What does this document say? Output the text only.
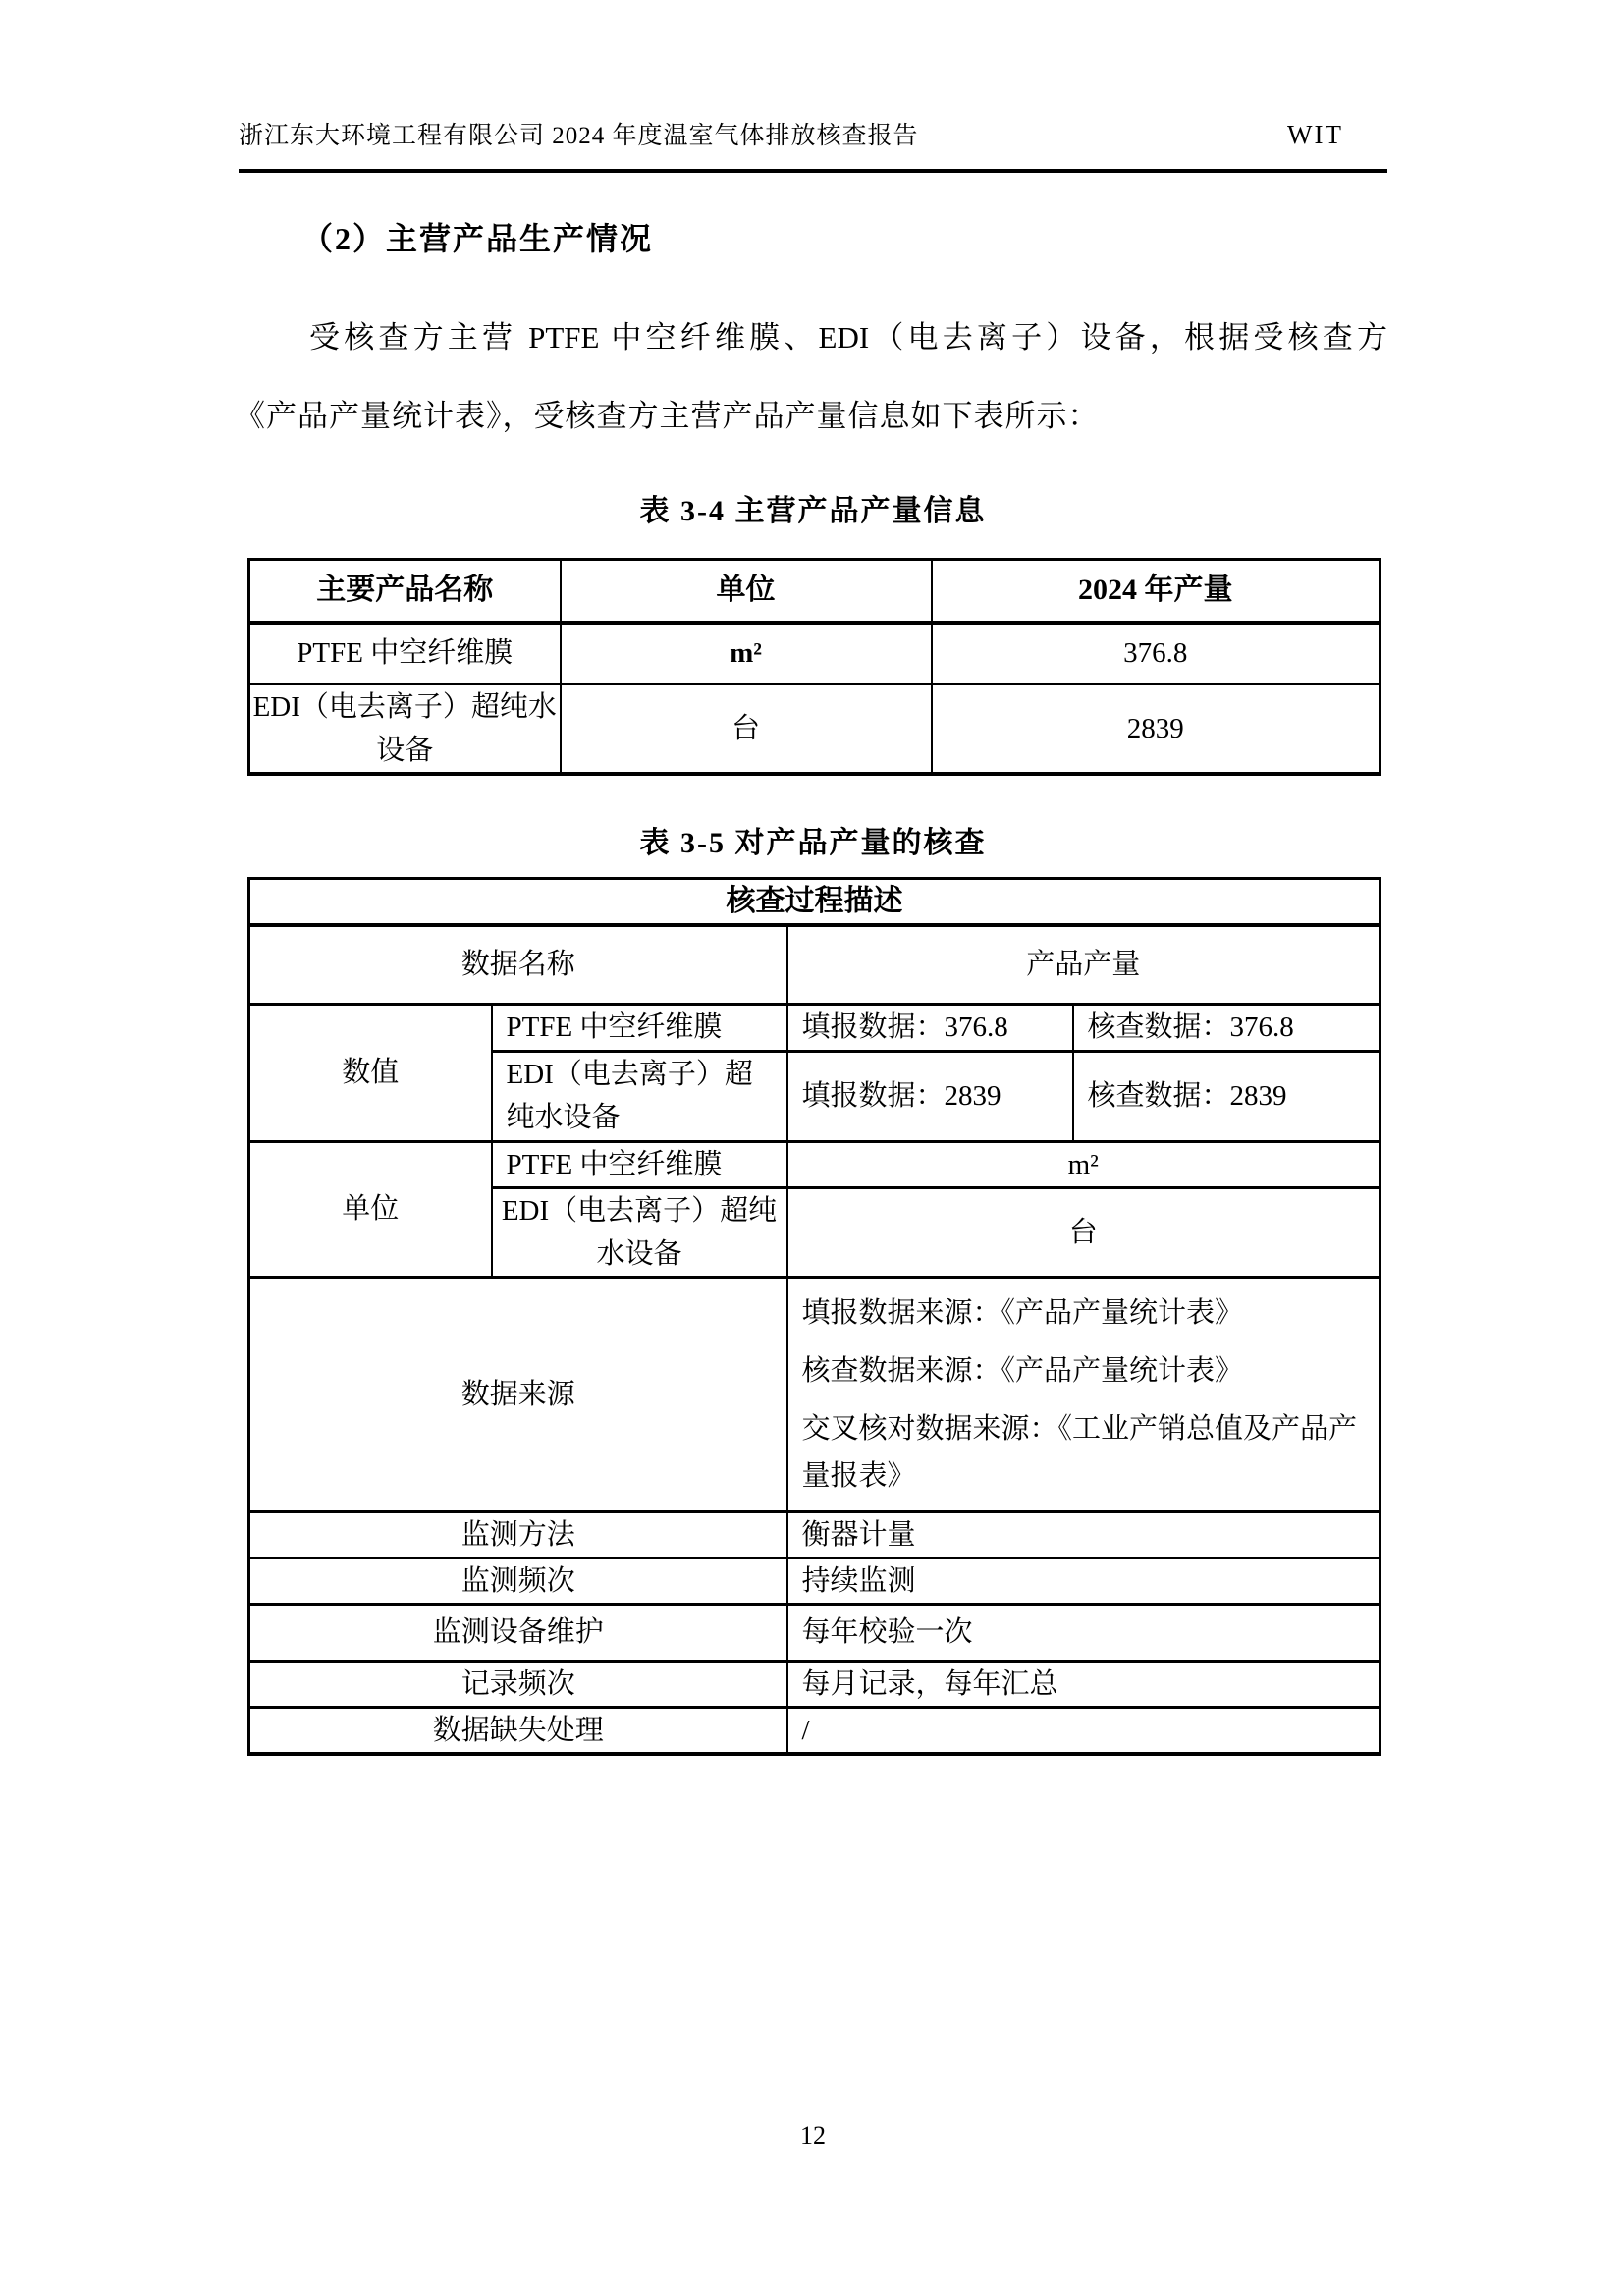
浙江东大环境工程有限公司 2024 年度温室气体排放核查报告	WIT
（2）主营产品生产情况
受核查方主营 PTFE 中空纤维膜、EDI（电去离子）设备，根据受核查方
《产品产量统计表》，受核查方主营产品产量信息如下表所示：
表 3-4 主营产品产量信息
主要产品名称	单位	2024 年产量
PTFE 中空纤维膜	m²	376.8
EDI（电去离子）超纯水设备	台	2839
表 3-5 对产品产量的核查
核查过程描述			
数据名称		产品产量	
数值	PTFE 中空纤维膜	填报数据：376.8	核查数据：376.8
	EDI（电去离子）超纯水设备	填报数据：2839	核查数据：2839
单位	PTFE 中空纤维膜	m²	
	EDI（电去离子）超纯水设备	台	
数据来源		填报数据来源：《产品产量统计表》
核查数据来源：《产品产量统计表》
交叉核对数据来源：《工业产销总值及产品产量报表》	

监测方法		衡器计量	
监测频次		持续监测	
监测设备维护		每年校验一次	
记录频次		每月记录，每年汇总	
数据缺失处理		/	
12
